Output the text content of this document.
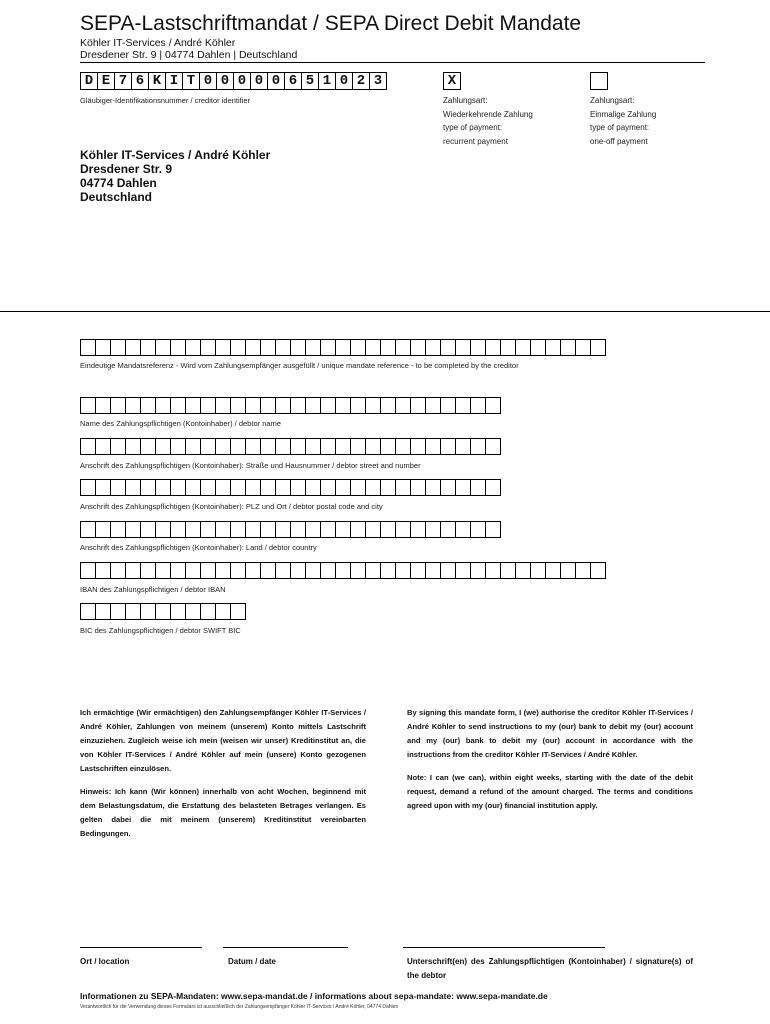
SEPA-Lastschriftmandat / SEPA Direct Debit Mandate
Köhler IT-Services / André Köhler
Dresdener Str. 9 | 04774 Dahlen | Deutschland
D E 7 6 K I T 0 0 0 0 0 6 5 1 0 2 3
Gläubiger-Identifikationsnummer / creditor identifier
X
Zahlungsart:
Wiederkehrende Zahlung
type of payment:
recurrent payment
Zahlungsart:
Einmalige Zahlung
type of payment:
one-off payment
Köhler IT-Services / André Köhler
Dresdener Str. 9
04774 Dahlen
Deutschland
Eindeutige Mandatsreferenz - Wird vom Zahlungsempfänger ausgefüllt / unique mandate reference - to be completed by the creditor
Name des Zahlungspflichtigen (Kontoinhaber) / debtor name
Anschrift des Zahlungspflichtigen (Kontoinhaber): Straße und Hausnummer / debtor street and number
Anschrift des Zahlungspflichtigen (Kontoinhaber): PLZ und Ort / debtor postal code and city
Anschrift des Zahlungspflichtigen (Kontoinhaber): Land / debtor country
IBAN des Zahlungspflichtigen / debtor IBAN
BIC des Zahlungspflichtigen / debtor SWIFT BIC

Ich ermächtige (Wir ermächtigen) den Zahlungsempfänger Köhler IT-Services / André Köhler, Zahlungen von meinem (unserem) Konto mittels Lastschrift einzuziehen. Zugleich weise ich mein (weisen wir unser) Kreditinstitut an, die von Köhler IT-Services / André Köhler auf mein (unsere) Konto gezogenen Lastschriften einzulösen.

Hinweis: Ich kann (Wir können) innerhalb von acht Wochen, beginnend mit dem Belastungsdatum, die Erstattung des belasteten Betrages verlangen. Es gelten dabei die mit meinem (unserem) Kreditinstitut vereinbarten Bedingungen.

By signing this mandate form, I (we) authorise the creditor Köhler IT-Services / André Köhler to send instructions to my (our) bank to debit my (our) account and my (our) bank to debit my (our) account in accordance with the instructions from the creditor Köhler IT-Services / André Köhler.

Note: I can (we can), within eight weeks, starting with the date of the debit request, demand a refund of the amount charged. The terms and conditions agreed upon with my (our) financial institution apply.

Ort / location	Datum / date	Unterschrift(en) des Zahlungspflichtigen (Kontoinhaber) / signature(s) of the debtor
Informationen zu SEPA-Mandaten: www.sepa-mandat.de / informations about sepa-mandate: www.sepa-mandate.de
Verantwortlich für die Verwendung dieses Formulars ist ausschließlich der Zahlungsempfänger Köhler IT-Services / André Köhler, 04774 Dahlen
